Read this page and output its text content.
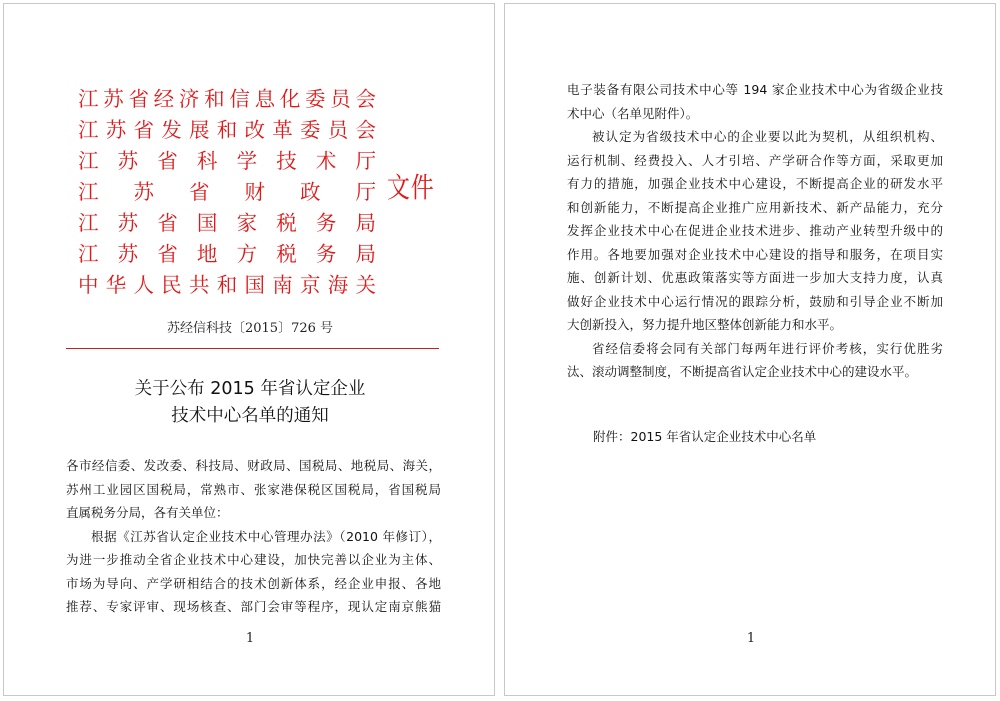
江苏省经济和信息化委员会
江苏省发展和改革委员会
江 苏 省 科 学 技 术 厅
江 苏 省 财 政 厅
江 苏 省 国 家 税 务 局
江 苏 省 地 方 税 务 局
中华人民共和国南京海关
文件
苏经信科技〔2015〕726 号
关于公布 2015 年省认定企业
技术中心名单的通知
各市经信委、发改委、科技局、财政局、国税局、地税局、海关，
苏州工业园区国税局，常熟市、张家港保税区国税局，省国税局
直属税务分局，各有关单位：
根据《江苏省认定企业技术中心管理办法》（2010 年修订），
为进一步推动全省企业技术中心建设，加快完善以企业为主体、
市场为导向、产学研相结合的技术创新体系，经企业申报、各地
推荐、专家评审、现场核查、部门会审等程序，现认定南京熊猫
1
电子装备有限公司技术中心等 194 家企业技术中心为省级企业技
术中心（名单见附件）。
被认定为省级技术中心的企业要以此为契机，从组织机构、
运行机制、经费投入、人才引培、产学研合作等方面，采取更加
有力的措施，加强企业技术中心建设，不断提高企业的研发水平
和创新能力，不断提高企业推广应用新技术、新产品能力，充分
发挥企业技术中心在促进企业技术进步、推动产业转型升级中的
作用。各地要加强对企业技术中心建设的指导和服务，在项目实
施、创新计划、优惠政策落实等方面进一步加大支持力度，认真
做好企业技术中心运行情况的跟踪分析，鼓励和引导企业不断加
大创新投入，努力提升地区整体创新能力和水平。
省经信委将会同有关部门每两年进行评价考核，实行优胜劣
汰、滚动调整制度，不断提高省认定企业技术中心的建设水平。
附件：2015 年省认定企业技术中心名单
1
